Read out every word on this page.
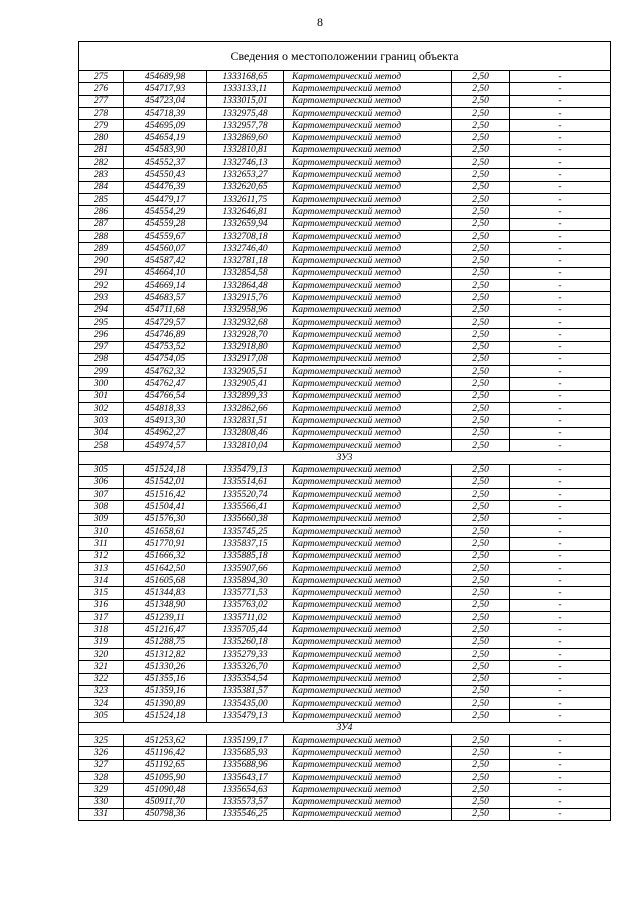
8
Сведения о местоположении границ объекта					
275	454689,98	1333168,65	Картометрический метод	2,50	-
276	454717,93	1333133,11	Картометрический метод	2,50	-
277	454723,04	1333015,01	Картометрический метод	2,50	-
278	454718,39	1332975,48	Картометрический метод	2,50	-
279	454695,09	1332957,78	Картометрический метод	2,50	-
280	454654,19	1332869,60	Картометрический метод	2,50	-
281	454583,90	1332810,81	Картометрический метод	2,50	-
282	454552,37	1332746,13	Картометрический метод	2,50	-
283	454550,43	1332653,27	Картометрический метод	2,50	-
284	454476,39	1332620,65	Картометрический метод	2,50	-
285	454479,17	1332611,75	Картометрический метод	2,50	-
286	454554,29	1332646,81	Картометрический метод	2,50	-
287	454559,28	1332659,94	Картометрический метод	2,50	-
288	454559,67	1332708,18	Картометрический метод	2,50	-
289	454560,07	1332746,40	Картометрический метод	2,50	-
290	454587,42	1332781,18	Картометрический метод	2,50	-
291	454664,10	1332854,58	Картометрический метод	2,50	-
292	454669,14	1332864,48	Картометрический метод	2,50	-
293	454683,57	1332915,76	Картометрический метод	2,50	-
294	454711,68	1332958,96	Картометрический метод	2,50	-
295	454729,57	1332932,68	Картометрический метод	2,50	-
296	454746,89	1332928,70	Картометрический метод	2,50	-
297	454753,52	1332918,80	Картометрический метод	2,50	-
298	454754,05	1332917,08	Картометрический метод	2,50	-
299	454762,32	1332905,51	Картометрический метод	2,50	-
300	454762,47	1332905,41	Картометрический метод	2,50	-
301	454766,54	1332899,33	Картометрический метод	2,50	-
302	454818,33	1332862,66	Картометрический метод	2,50	-
303	454913,30	1332831,51	Картометрический метод	2,50	-
304	454962,27	1332808,46	Картометрический метод	2,50	-
258	454974,57	1332810,04	Картометрический метод	2,50	-
ЗУ3					
305	451524,18	1335479,13	Картометрический метод	2,50	-
306	451542,01	1335514,61	Картометрический метод	2,50	-
307	451516,42	1335520,74	Картометрический метод	2,50	-
308	451504,41	1335566,41	Картометрический метод	2,50	-
309	451576,30	1335660,38	Картометрический метод	2,50	-
310	451658,61	1335745,25	Картометрический метод	2,50	-
311	451770,91	1335837,15	Картометрический метод	2,50	-
312	451666,32	1335885,18	Картометрический метод	2,50	-
313	451642,50	1335907,66	Картометрический метод	2,50	-
314	451605,68	1335894,30	Картометрический метод	2,50	-
315	451344,83	1335771,53	Картометрический метод	2,50	-
316	451348,90	1335763,02	Картометрический метод	2,50	-
317	451239,11	1335711,02	Картометрический метод	2,50	-
318	451216,47	1335705,44	Картометрический метод	2,50	-
319	451288,75	1335260,18	Картометрический метод	2,50	-
320	451312,82	1335279,33	Картометрический метод	2,50	-
321	451330,26	1335326,70	Картометрический метод	2,50	-
322	451355,16	1335354,54	Картометрический метод	2,50	-
323	451359,16	1335381,57	Картометрический метод	2,50	-
324	451390,89	1335435,00	Картометрический метод	2,50	-
305	451524,18	1335479,13	Картометрический метод	2,50	-
ЗУ4					
325	451253,62	1335199,17	Картометрический метод	2,50	-
326	451196,42	1335685,93	Картометрический метод	2,50	-
327	451192,65	1335688,96	Картометрический метод	2,50	-
328	451095,90	1335643,17	Картометрический метод	2,50	-
329	451090,48	1335654,63	Картометрический метод	2,50	-
330	450911,70	1335573,57	Картометрический метод	2,50	-
331	450798,36	1335546,25	Картометрический метод	2,50	-
